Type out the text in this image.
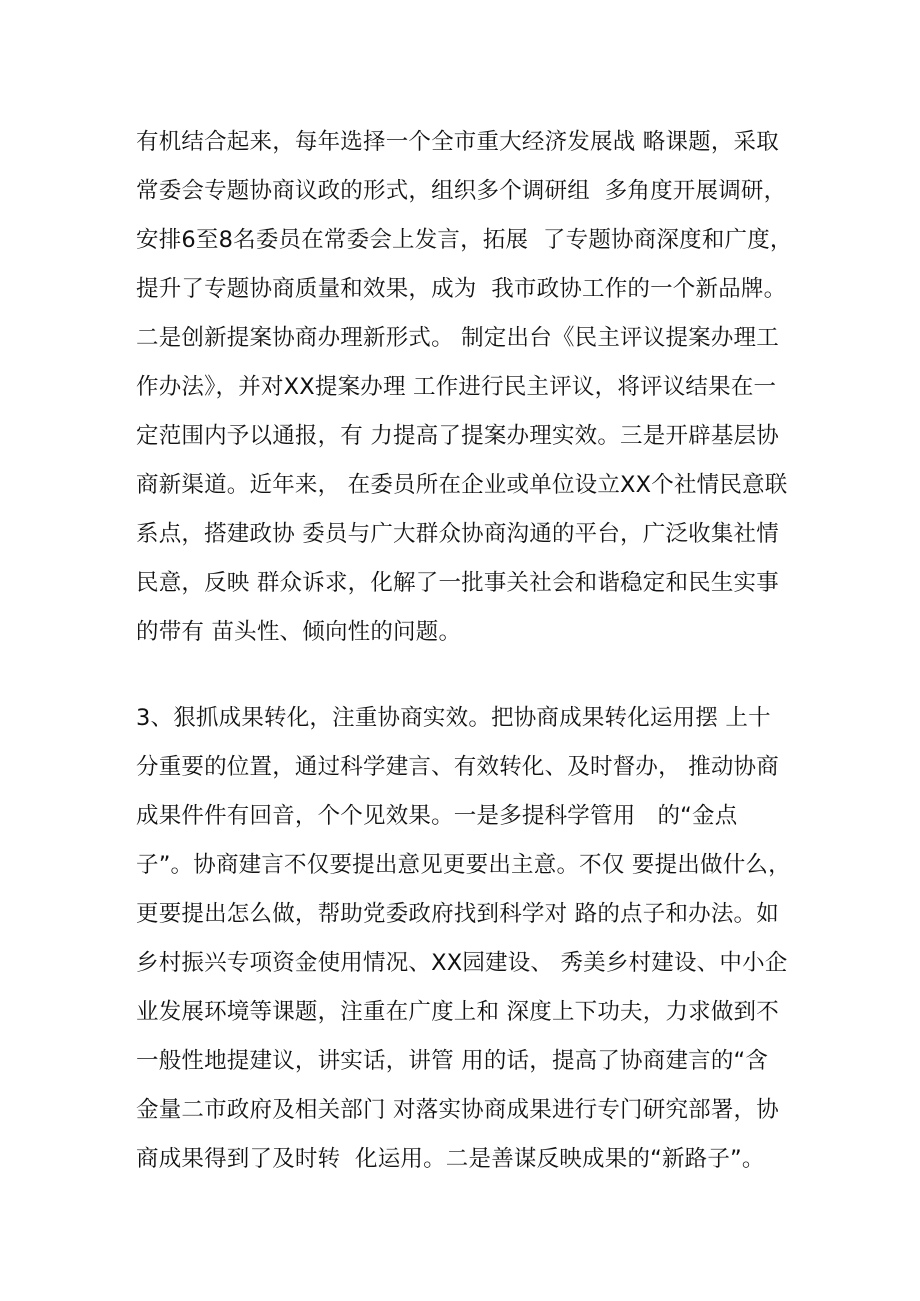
有机结合起来，每年选择一个全市重大经济发展战 略课题，采取
常委会专题协商议政的形式，组织多个调研组  多角度开展调研，
安排6至8名委员在常委会上发言，拓展  了专题协商深度和广度，
提升了专题协商质量和效果，成为  我市政协工作的一个新品牌。
二是创新提案协商办理新形式。 制定出台《民主评议提案办理工
作办法》，并对XX提案办理 工作进行民主评议，将评议结果在一
定范围内予以通报，有 力提高了提案办理实效。三是开辟基层协
商新渠道。近年来， 在委员所在企业或单位设立XX个社情民意联
系点，搭建政协 委员与广大群众协商沟通的平台，广泛收集社情
民意，反映 群众诉求，化解了一批事关社会和谐稳定和民生实事
的带有 苗头性、倾向性的问题。
3、狠抓成果转化，注重协商实效。把协商成果转化运用摆 上十
分重要的位置，通过科学建言、有效转化、及时督办， 推动协商
成果件件有回音，个个见效果。一是多提科学管用   的“金点
子”。协商建言不仅要提出意见更要出主意。不仅 要提出做什么，
更要提出怎么做，帮助党委政府找到科学对 路的点子和办法。如
乡村振兴专项资金使用情况、XX园建设、 秀美乡村建设、中小企
业发展环境等课题，注重在广度上和 深度上下功夫，力求做到不
一般性地提建议，讲实话，讲管 用的话，提高了协商建言的“含
金量二市政府及相关部门 对落实协商成果进行专门研究部署，协
商成果得到了及时转  化运用。二是善谋反映成果的“新路子”。
